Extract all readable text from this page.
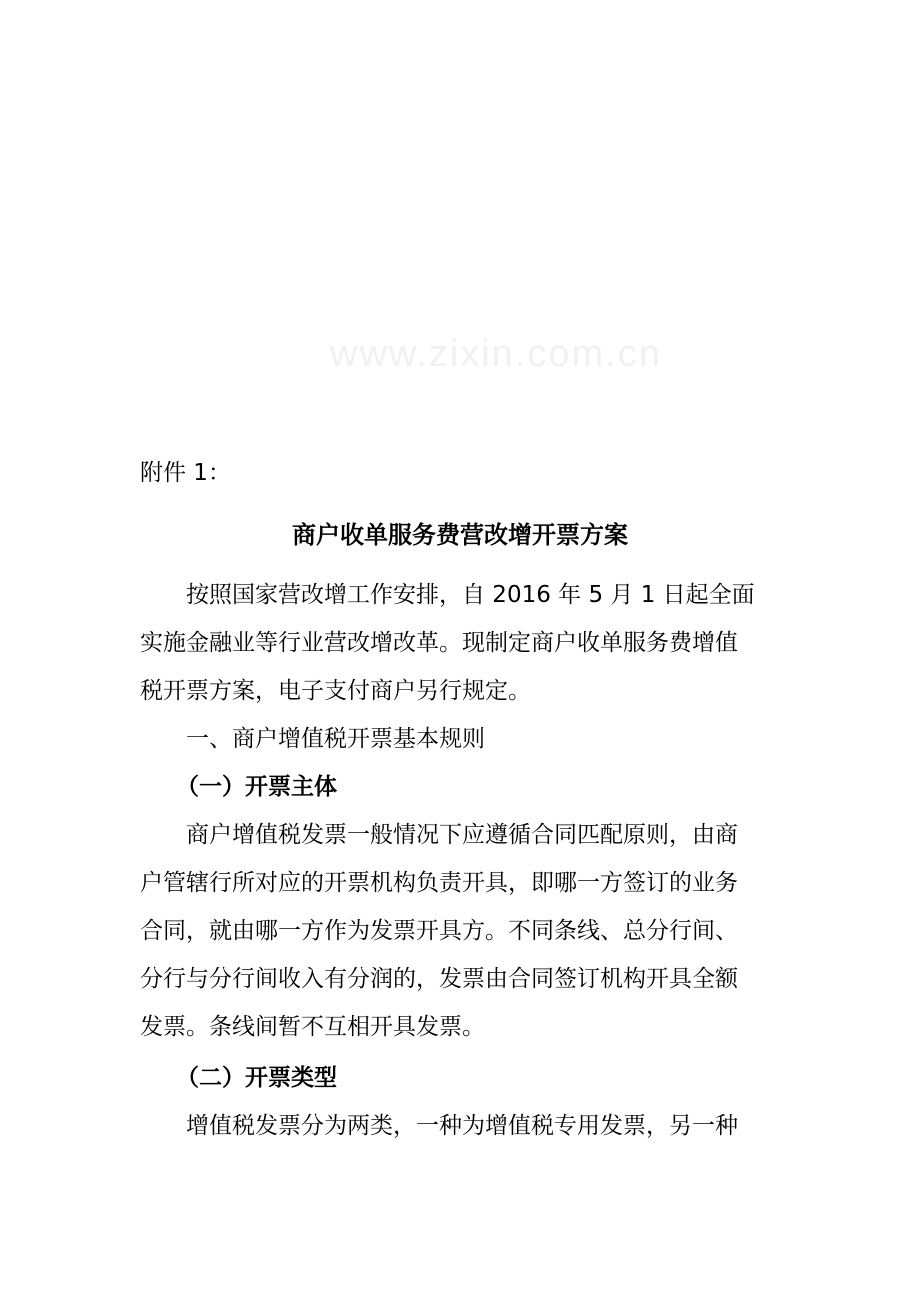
www.zixin.com.cn
附件 1：
商户收单服务费营改增开票方案
按照国家营改增工作安排，自 2016 年 5 月 1 日起全面
实施金融业等行业营改增改革。现制定商户收单服务费增值
税开票方案，电子支付商户另行规定。
一、商户增值税开票基本规则
（一）开票主体
商户增值税发票一般情况下应遵循合同匹配原则，由商
户管辖行所对应的开票机构负责开具，即哪一方签订的业务
合同，就由哪一方作为发票开具方。不同条线、总分行间、
分行与分行间收入有分润的，发票由合同签订机构开具全额
发票。条线间暂不互相开具发票。
（二）开票类型
增值税发票分为两类，一种为增值税专用发票，另一种
